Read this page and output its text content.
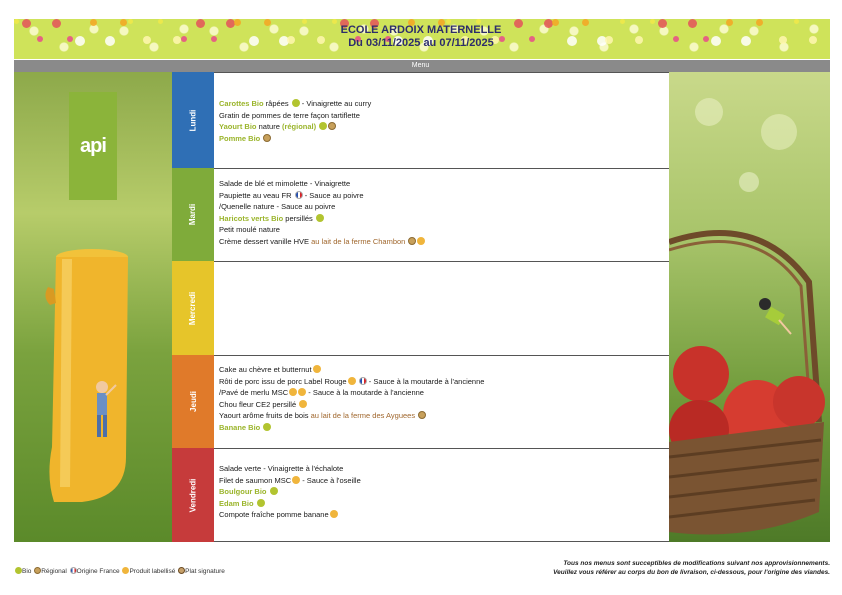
ECOLE ARDOIX MATERNELLE
Du 03/11/2025 au 07/11/2025
Menu
api
Lundi
Mardi
Mercredi
Jeudi
Vendredi
Carottes Bio râpées  - Vinaigrette au curry
Gratin de pommes de terre façon tartiflette
Yaourt Bio nature (régional)
Pomme Bio
Salade de blé et mimolette - Vinaigrette
Paupiette au veau FR  - Sauce au poivre
/Quenelle nature - Sauce au poivre
Haricots verts Bio persillés
Petit moulé nature
Crème dessert vanille HVE au lait de la ferme Chambon
Cake au chèvre et butternut
Rôti de porc issu de porc Label Rouge	- Sauce à la moutarde à l'ancienne
/Pavé de merlu MSC - Sauce à la moutarde à l'ancienne
Chou fleur CE2 persillé
Yaourt arôme fruits de bois au lait de la ferme des Ayguees
Banane Bio
Salade verte - Vinaigrette à l'échalote
Filet de saumon MSC - Sauce à l'oseille
Boulgour Bio
Edam Bio
Compote fraîche pomme banane
Bio Régional Origine France Produit labellisé Plat signature
Tous nos menus sont succeptibles de modifications suivant nos approvisionnements.
Veuillez vous référer au corps du bon de livraison, ci-dessous, pour l'origine des viandes.
